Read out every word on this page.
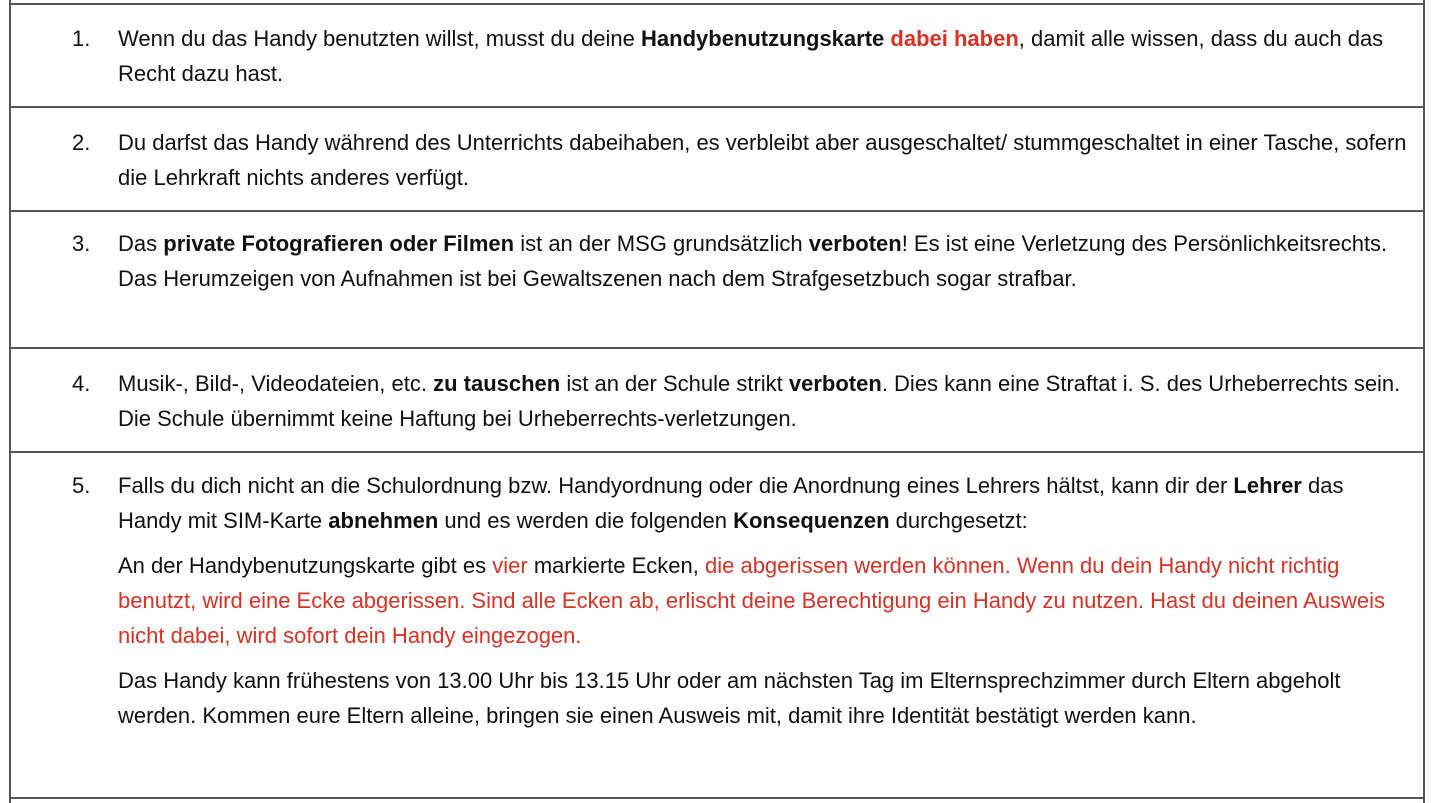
1. Wenn du das Handy benutzten willst, musst du deine Handybenutzungskarte dabei haben, damit alle wissen, dass du auch das Recht dazu hast.

2. Du darfst das Handy während des Unterrichts dabeihaben, es verbleibt aber ausgeschaltet/ stummgeschaltet in einer Tasche, sofern die Lehrkraft nichts anderes verfügt.

3. Das private Fotografieren oder Filmen ist an der MSG grundsätzlich verboten! Es ist eine Verletzung des Persönlichkeitsrechts. Das Herumzeigen von Aufnahmen ist bei Gewaltszenen nach dem Strafgesetzbuch sogar strafbar.

4. Musik-, Bild-, Videodateien, etc. zu tauschen ist an der Schule strikt verboten. Dies kann eine Straftat i. S. des Urheberrechts sein. Die Schule übernimmt keine Haftung bei Urheberrechts-verletzungen.

5. Falls du dich nicht an die Schulordnung bzw. Handyordnung oder die Anordnung eines Lehrers hältst, kann dir der Lehrer das Handy mit SIM-Karte abnehmen und es werden die folgenden Konsequenzen durchgesetzt:

An der Handybenutzungskarte gibt es vier markierte Ecken, die abgerissen werden können. Wenn du dein Handy nicht richtig benutzt, wird eine Ecke abgerissen. Sind alle Ecken ab, erlischt deine Berechtigung ein Handy zu nutzen. Hast du deinen Ausweis nicht dabei, wird sofort dein Handy eingezogen.

Das Handy kann frühestens von 13.00 Uhr bis 13.15 Uhr oder am nächsten Tag im Elternsprechzimmer durch Eltern abgeholt werden. Kommen eure Eltern alleine, bringen sie einen Ausweis mit, damit ihre Identität bestätigt werden kann.
